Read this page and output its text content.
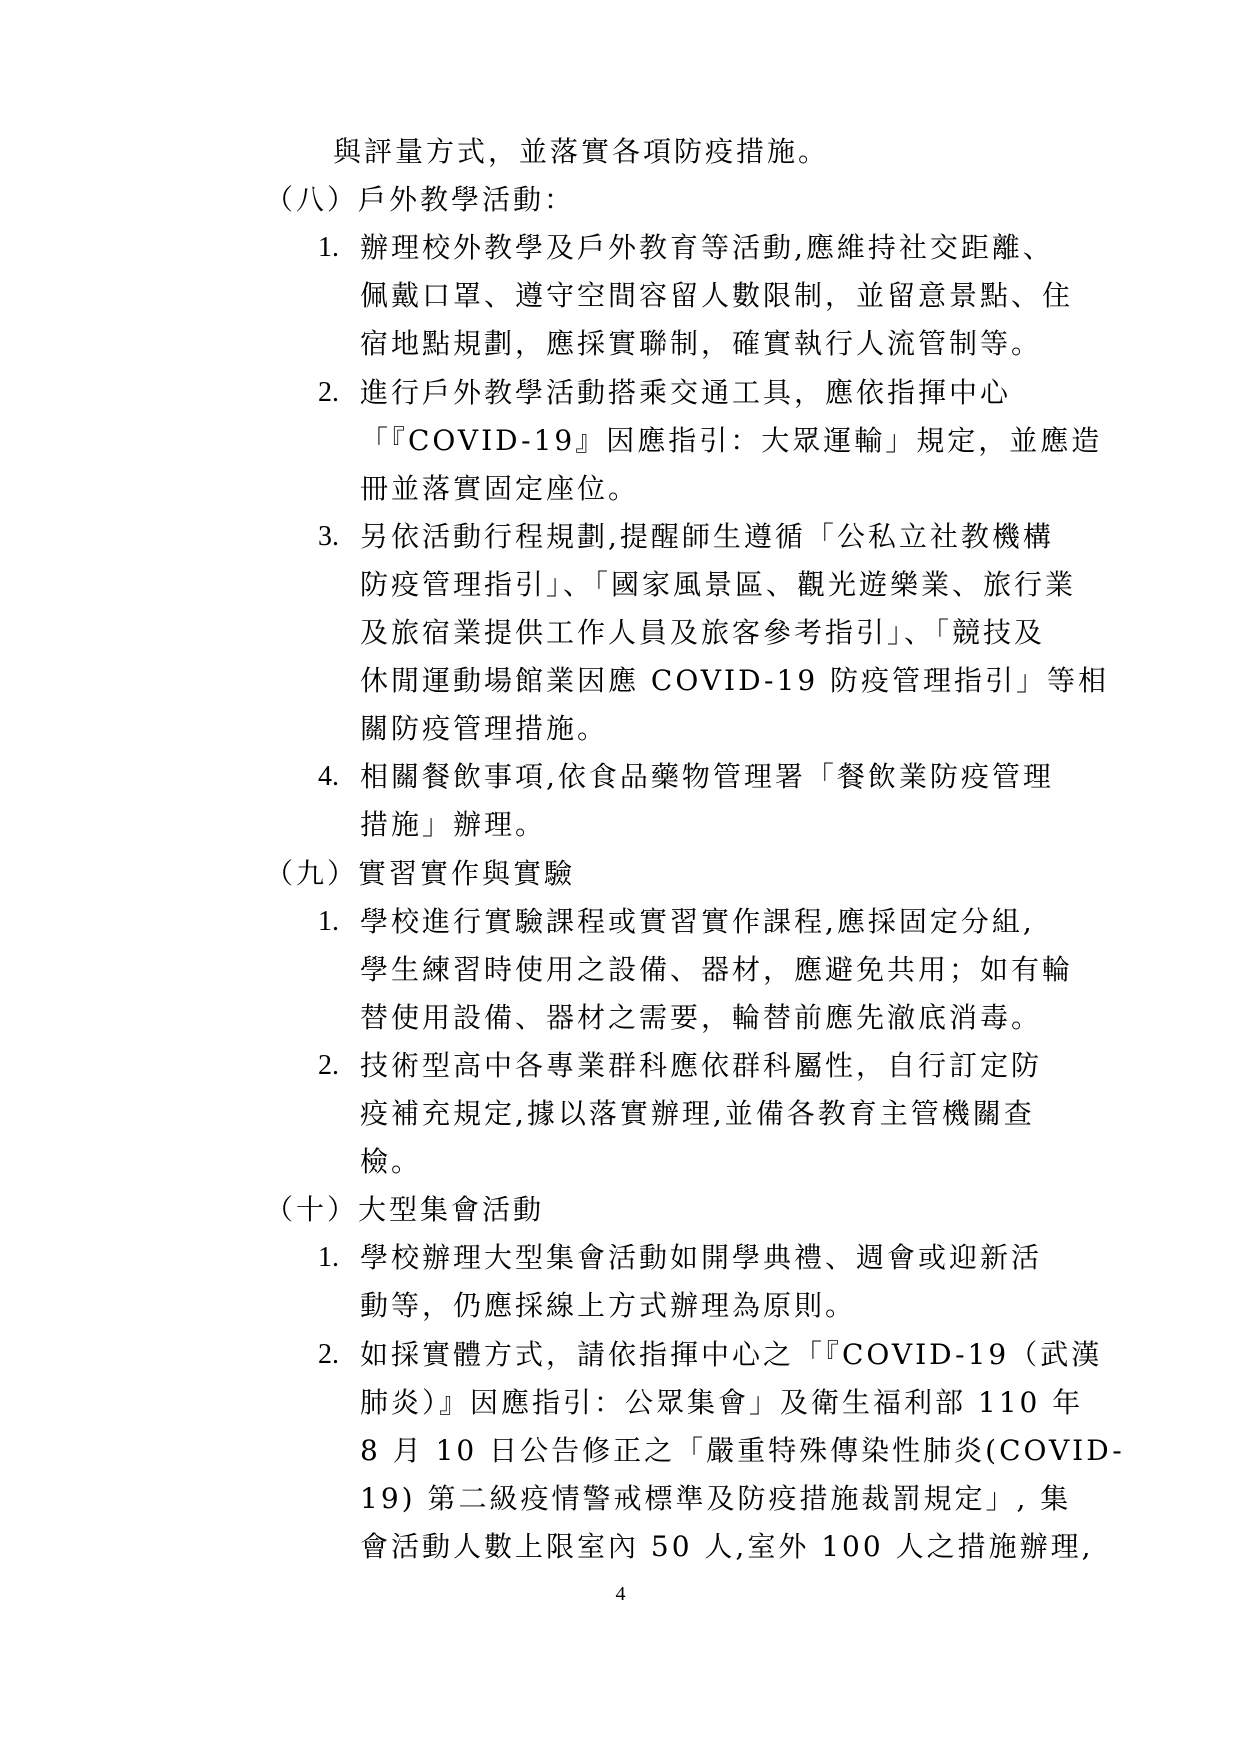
與評量方式，並落實各項防疫措施。
（八）戶外教學活動：
1. 辦理校外教學及戶外教育等活動,應維持社交距離、
佩戴口罩、遵守空間容留人數限制，並留意景點、住
宿地點規劃，應採實聯制，確實執行人流管制等。
2. 進行戶外教學活動搭乘交通工具，應依指揮中心
「『COVID-19』因應指引：大眾運輸」規定，並應造
冊並落實固定座位。
3. 另依活動行程規劃,提醒師生遵循「公私立社教機構
防疫管理指引」、「國家風景區、觀光遊樂業、旅行業
及旅宿業提供工作人員及旅客參考指引」、「競技及
休閒運動場館業因應 COVID-19 防疫管理指引」等相
關防疫管理措施。
4. 相關餐飲事項,依食品藥物管理署「餐飲業防疫管理
措施」辦理。
（九）實習實作與實驗
1. 學校進行實驗課程或實習實作課程,應採固定分組,
學生練習時使用之設備、器材，應避免共用；如有輪
替使用設備、器材之需要，輪替前應先澈底消毒。
2. 技術型高中各專業群科應依群科屬性，自行訂定防
疫補充規定,據以落實辦理,並備各教育主管機關查
檢。
（十）大型集會活動
1. 學校辦理大型集會活動如開學典禮、週會或迎新活
動等，仍應採線上方式辦理為原則。
2. 如採實體方式，請依指揮中心之「『COVID-19（武漢
肺炎）』因應指引：公眾集會」及衛生福利部 110 年
8 月 10 日公告修正之「嚴重特殊傳染性肺炎(COVID-
19) 第二級疫情警戒標準及防疫措施裁罰規定」, 集
會活動人數上限室內 50 人,室外 100 人之措施辦理,
4
